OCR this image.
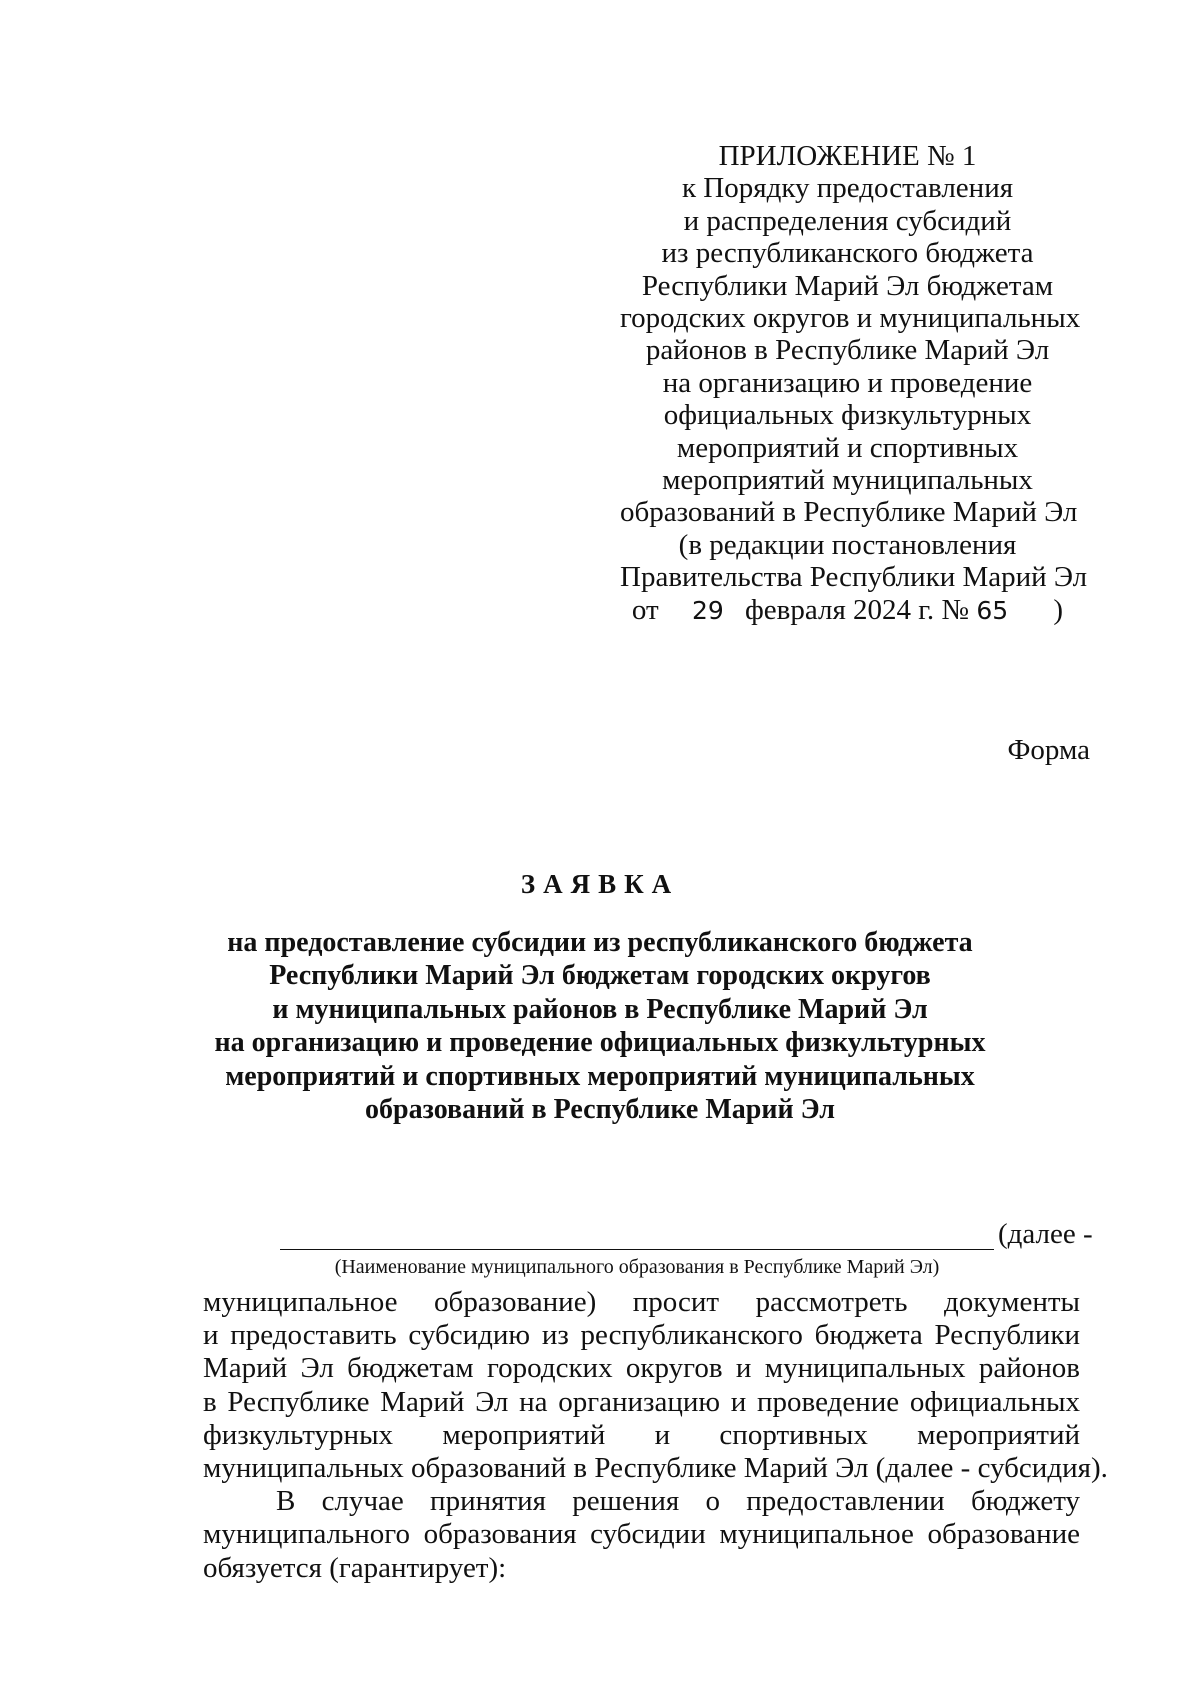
ПРИЛОЖЕНИЕ № 1
к Порядку предоставления
и распределения субсидий
из республиканского бюджета
Республики Марий Эл бюджетам
городских округов и муниципальных
районов в Республике Марий Эл
на организацию и проведение
официальных физкультурных
мероприятий и спортивных
мероприятий муниципальных
образований в Республике Марий Эл
(в редакции постановления
Правительства Республики Марий Эл
от 29 февраля 2024 г. № 65 )
Форма
ЗАЯВКА
на предоставление субсидии из республиканского бюджета
Республики Марий Эл бюджетам городских округов
и муниципальных районов в Республике Марий Эл
на организацию и проведение официальных физкультурных
мероприятий и спортивных мероприятий муниципальных
образований в Республике Марий Эл
(далее -
(Наименование муниципального образования в Республике Марий Эл)
муниципальное образование) просит рассмотреть документы
и предоставить субсидию из республиканского бюджета Республики
Марий Эл бюджетам городских округов и муниципальных районов
в Республике Марий Эл на организацию и проведение официальных
физкультурных мероприятий и спортивных мероприятий
муниципальных образований в Республике Марий Эл (далее - субсидия).
В случае принятия решения о предоставлении бюджету
муниципального образования субсидии муниципальное образование
обязуется (гарантирует):
